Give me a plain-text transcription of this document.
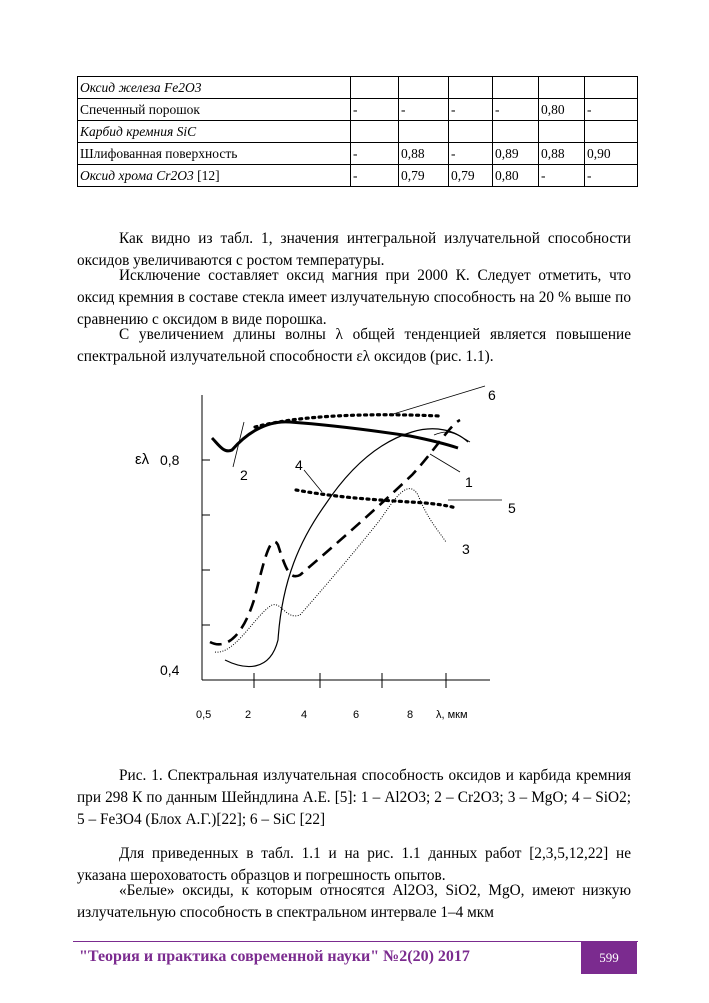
Оксид железа Fe2O3						
Спеченный порошок	-	-	-	-	0,80	-
Карбид кремния SiC						
Шлифованная поверхность	-	0,88	-	0,89	0,88	0,90
Оксид хрома Cr2O3 [12]	-	0,79	0,79	0,80	-	-

Как видно из табл. 1, значения интегральной излучательной способности оксидов увеличиваются с ростом температуры.

Исключение составляет оксид магния при 2000 К. Следует отметить, что оксид кремния в составе стекла имеет излучательную способность на 20 % выше по сравнению с оксидом в виде порошка.

С увеличением длины волны λ общей тенденцией является повышение спектральной излучательной способности ελ оксидов (рис. 1.1).

ελ 0,8
0,4
0,5	2	4	6	8 λ, мкм
6
2
4
1
5
3

Рис. 1. Спектральная излучательная способность оксидов и карбида кремния при 298 К по данным Шейндлина А.Е. [5]: 1 – Al2O3; 2 – Cr2O3; 3 – MgO; 4 – SiO2; 5 – Fe3O4 (Блох А.Г.)[22]; 6 – SiC [22]

Для приведенных в табл. 1.1 и на рис. 1.1 данных работ [2,3,5,12,22] не указана шероховатость образцов и погрешность опытов.

«Белые» оксиды, к которым относятся Al2O3, SiO2, MgO, имеют низкую излучательную способность в спектральном интервале 1–4 мкм

"Теория и практика современной науки" №2(20) 2017	599
